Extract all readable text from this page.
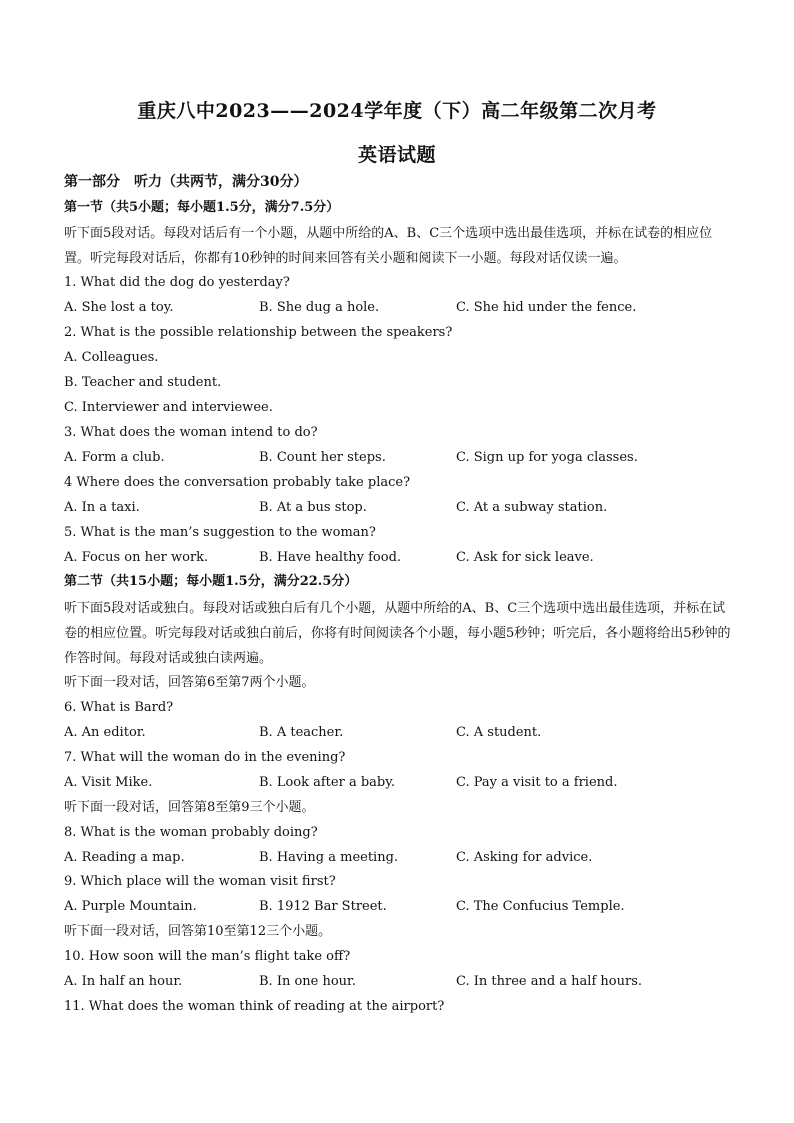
重庆八中2023——2024学年度（下）高二年级第二次月考
英语试题
第一部分　听力（共两节，满分30分）
第一节（共5小题；每小题1.5分，满分7.5分）
听下面5段对话。每段对话后有一个小题，从题中所给的A、B、C三个选项中选出最佳选项，并标在试卷的相应位置。听完每段对话后，你都有10秒钟的时间来回答有关小题和阅读下一小题。每段对话仅读一遍。
1. What did the dog do yesterday?
A. She lost a toy.	B. She dug a hole.	C. She hid under the fence.
2. What is the possible relationship between the speakers?
A. Colleagues.
B. Teacher and student.
C. Interviewer and interviewee.
3. What does the woman intend to do?
A. Form a club.	B. Count her steps.	C. Sign up for yoga classes.
4 Where does the conversation probably take place?
A. In a taxi.	B. At a bus stop.	C. At a subway station.
5. What is the man’s suggestion to the woman?
A. Focus on her work.	B. Have healthy food.	C. Ask for sick leave.
第二节（共15小题；每小题1.5分，满分22.5分）
听下面5段对话或独白。每段对话或独白后有几个小题，从题中所给的A、B、C三个选项中选出最佳选项，并标在试卷的相应位置。听完每段对话或独白前后，你将有时间阅读各个小题，每小题5秒钟；听完后，各小题将给出5秒钟的作答时间。每段对话或独白读两遍。
听下面一段对话，回答第6至第7两个小题。
6. What is Bard?
A. An editor.	B. A teacher.	C. A student.
7. What will the woman do in the evening?
A. Visit Mike.	B. Look after a baby.	C. Pay a visit to a friend.
听下面一段对话，回答第8至第9三个小题。
8. What is the woman probably doing?
A. Reading a map.	B. Having a meeting.	C. Asking for advice.
9. Which place will the woman visit first?
A. Purple Mountain.	B. 1912 Bar Street.	C. The Confucius Temple.
听下面一段对话，回答第10至第12三个小题。
10. How soon will the man’s flight take off?
A. In half an hour.	B. In one hour.	C. In three and a half hours.
11. What does the woman think of reading at the airport?
